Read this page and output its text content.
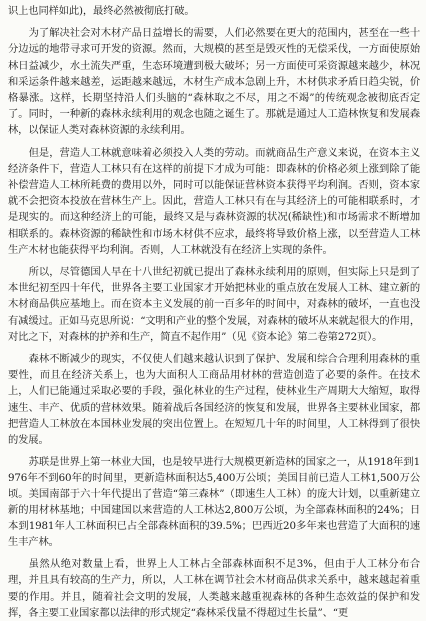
识上也同样如此)，最终必然被彻底打破。

为了解决社会对木材产品日益增长的需要，人们必然要在更大的范围内，甚至在一些十分边远的地带寻求可开发的资源。然而，大规模的甚至是毁灭性的无偿采伐，一方面使原始林日益减少，水土流失严重，生态环境遭到极大破坏；另一方面使可采资源越来越少，林况和采运条件越来越差，运距越来越远，木材生产成本急剧上升，木材供求矛盾日趋尖锐，价格暴涨。这样，长期坚持沿人们头脑的“森林取之不尽，用之不竭”的传统观念被彻底否定了。同时，一种新的森林永续利用的观念也随之诞生了。那就是通过人工造林恢复和发展森林，以保证人类对森林资源的永续利用。

但是，营造人工林就意味着必须投入人类的劳动。而就商品生产意义来说，在资本主义经济条件下，营造人工林只有在这样的前提下才成为可能：即森林的价格必须上涨到除了能补偿营造人工林所耗费的费用以外，同时可以能保证营林资本获得平均利润。否则，资本家就不会把资本投放在营林生产上。因此，营造人工林只有在与其经济上的可能相联系时，才是现实的。而这种经济上的可能，最终又是与森林资源的状况(稀缺性)和市场需求不断增加相联系的。森林资源的稀缺性和市场木材供不应求，最终将导致价格上涨，以至营造人工林生产木材也能获得平均利润。否则，人工林就没有在经济上实现的条件。

所以，尽管德国人早在十八世纪初就已提出了森林永续利用的原则，但实际上只是到了本世纪初至四十年代，世界各主要工业国家才开始把林业的重点放在发展人工林、建立新的木材商品供应基地上。而在资本主义发展的前一百多年的时间中，对森林的破坏，一直也没有减缓过。正如马克思所说：“文明和产业的整个发展，对森林的破坏从来就起很大的作用，对比之下，对森林的护养和生产，简直不起作用”（见《资本论》第二卷第272页）。

森林不断减少的现实，不仅使人们越来越认识到了保护、发展和综合合理利用森林的重要性，而且在经济关系上，也为大面积人工商品用材林的营造创造了必要的条件。在技术上，人们已能通过采取必要的手段，强化林业的生产过程，使林业生产周期大大缩短，取得速生、丰产、优质的营林效果。随着战后各国经济的恢复和发展，世界各主要林业国家，都把营造人工林放在本国林业发展的突出位置上。在短短几十年的时间里，人工林得到了很快的发展。

苏联是世界上第一林业大国，也是较早进行大规模更新造林的国家之一，从1918年到1976年不到60年的时间里，更新造林面积达5,400万公顷；美国目前已造人工林1,500万公顷。美国南部于六十年代提出了营造“第三森林”（即速生人工林）的庞大计划，以重新建立新的用材林基地；中国建国以来营造的人工林达2,800万公顷，为全部森林面积的24%；日本到1981年人工林面积已占全部森林面积的39.5%；巴西近20多年来也营造了大面积的速生丰产林。

虽然从绝对数量上看，世界上人工林占全部森林面积不足3%，但由于人工林分布合理，并且具有较高的生产力，所以，人工林在调节社会木材商品供求关系中，越来越起着重要的作用。并且，随着社会文明的发展，人类越来越重视森林的各种生态效益的保护和发挥，各主要工业国家都以法律的形式规定“森林采伐量不得超过生长量”、“更
